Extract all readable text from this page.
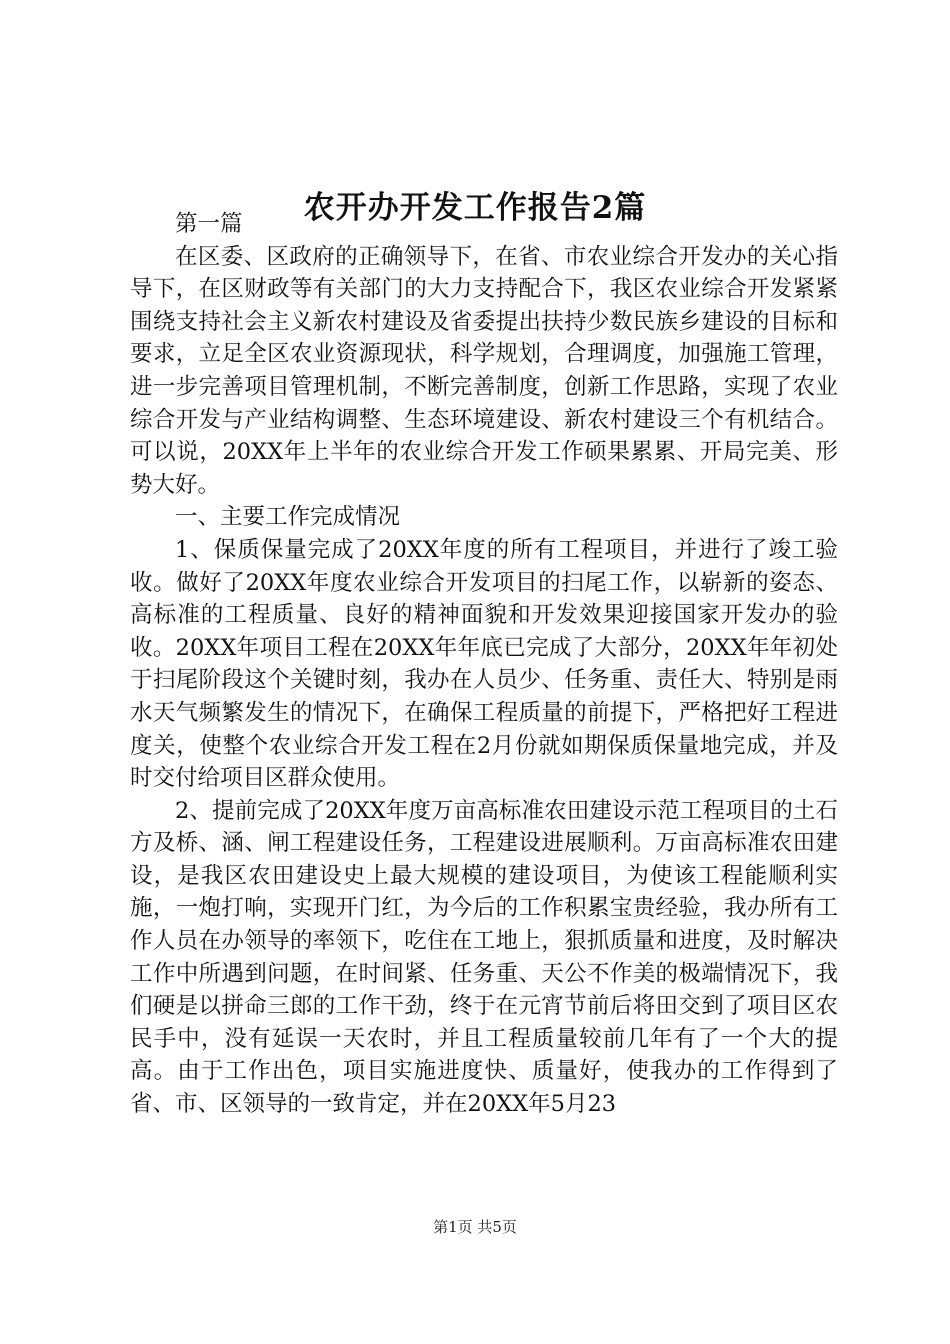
农开办开发工作报告2篇

第一篇

在区委、区政府的正确领导下，在省、市农业综合开发办的关心指导下，在区财政等有关部门的大力支持配合下，我区农业综合开发紧紧围绕支持社会主义新农村建设及省委提出扶持少数民族乡建设的目标和要求，立足全区农业资源现状，科学规划，合理调度，加强施工管理，进一步完善项目管理机制，不断完善制度，创新工作思路，实现了农业综合开发与产业结构调整、生态环境建设、新农村建设三个有机结合。可以说，20XX年上半年的农业综合开发工作硕果累累、开局完美、形势大好。

一、主要工作完成情况

1、保质保量完成了20XX年度的所有工程项目，并进行了竣工验收。做好了20XX年度农业综合开发项目的扫尾工作，以崭新的姿态、高标准的工程质量、良好的精神面貌和开发效果迎接国家开发办的验收。20XX年项目工程在20XX年年底已完成了大部分，20XX年年初处于扫尾阶段这个关键时刻，我办在人员少、任务重、责任大、特别是雨水天气频繁发生的情况下，在确保工程质量的前提下，严格把好工程进度关，使整个农业综合开发工程在2月份就如期保质保量地完成，并及时交付给项目区群众使用。

2、提前完成了20XX年度万亩高标准农田建设示范工程项目的土石方及桥、涵、闸工程建设任务，工程建设进展顺利。万亩高标准农田建设，是我区农田建设史上最大规模的建设项目，为使该工程能顺利实施，一炮打响，实现开门红，为今后的工作积累宝贵经验，我办所有工作人员在办领导的率领下，吃住在工地上，狠抓质量和进度，及时解决工作中所遇到问题，在时间紧、任务重、天公不作美的极端情况下，我们硬是以拼命三郎的工作干劲，终于在元宵节前后将田交到了项目区农民手中，没有延误一天农时，并且工程质量较前几年有了一个大的提高。由于工作出色，项目实施进度快、质量好，使我办的工作得到了省、市、区领导的一致肯定，并在20XX年5月23

第1页 共5页
